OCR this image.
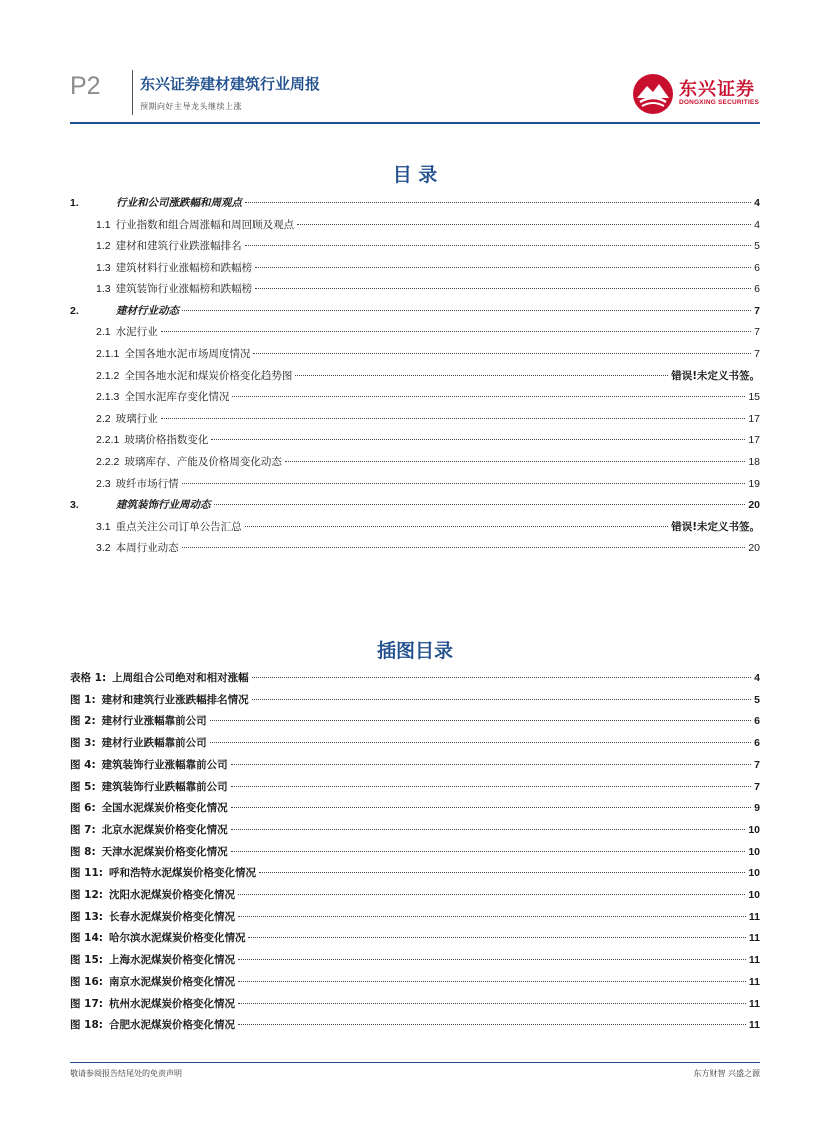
P2	东兴证券建材建筑行业周报
预期向好主导龙头继续上涨
东兴证券
DONGXING SECURITIES
目 录
1.	行业和公司涨跌幅和周观点	4
1.1 行业指数和组合周涨幅和周回顾及观点	4
1.2 建材和建筑行业跌涨幅排名	5
1.3 建筑材料行业涨幅榜和跌幅榜	6
1.3 建筑装饰行业涨幅榜和跌幅榜	6
2.	建材行业动态	7
2.1 水泥行业	7
2.1.1 全国各地水泥市场周度情况	7
2.1.2 全国各地水泥和煤炭价格变化趋势图	错误!未定义书签。
2.1.3 全国水泥库存变化情况	15
2.2 玻璃行业	17
2.2.1 玻璃价格指数变化	17
2.2.2 玻璃库存、产能及价格周变化动态	18
2.3 玻纤市场行情	19
3.	建筑装饰行业周动态	20
3.1 重点关注公司订单公告汇总	错误!未定义书签。
3.2 本周行业动态	20
插图目录
表格 1: 上周组合公司绝对和相对涨幅	4
图 1: 建材和建筑行业涨跌幅排名情况	5
图 2: 建材行业涨幅靠前公司	6
图 3: 建材行业跌幅靠前公司	6
图 4: 建筑装饰行业涨幅靠前公司	7
图 5: 建筑装饰行业跌幅靠前公司	7
图 6: 全国水泥煤炭价格变化情况	9
图 7: 北京水泥煤炭价格变化情况	10
图 8: 天津水泥煤炭价格变化情况	10
图 11: 呼和浩特水泥煤炭价格变化情况	10
图 12: 沈阳水泥煤炭价格变化情况	10
图 13: 长春水泥煤炭价格变化情况	11
图 14: 哈尔滨水泥煤炭价格变化情况	11
图 15: 上海水泥煤炭价格变化情况	11
图 16: 南京水泥煤炭价格变化情况	11
图 17: 杭州水泥煤炭价格变化情况	11
图 18: 合肥水泥煤炭价格变化情况	11
敬请参阅报告结尾处的免责声明	东方财智 兴盛之源
